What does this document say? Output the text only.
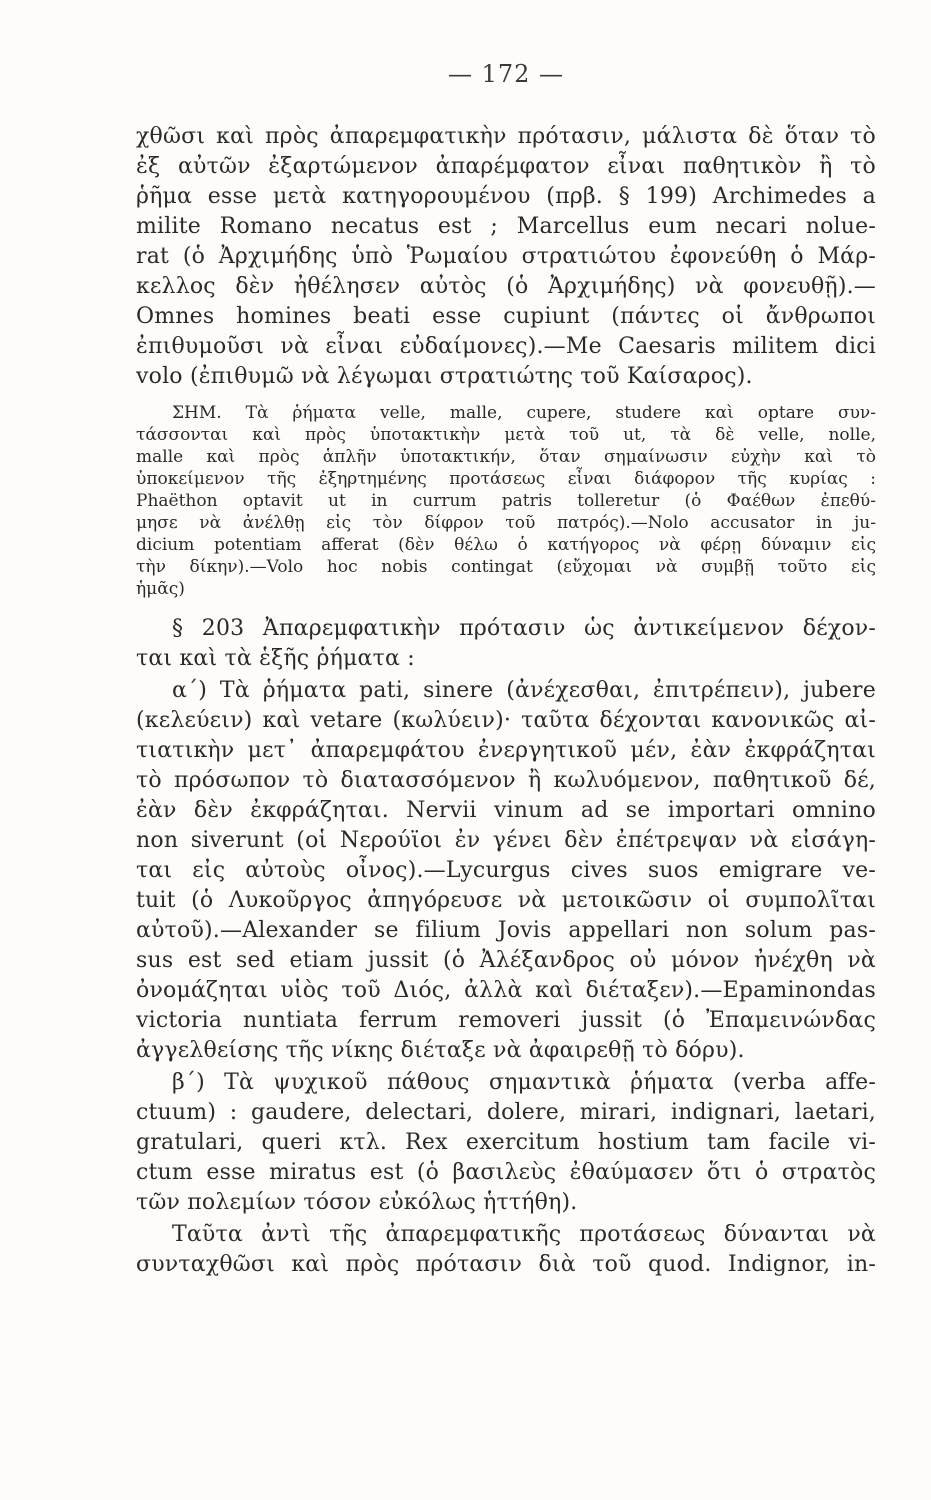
— 172 —

χθῶσι καὶ πρὸς ἀπαρεμφατικὴν πρότασιν, μάλιστα δὲ ὅταν τὸ

ἐξ αὐτῶν ἐξαρτώμενον ἀπαρέμφατον εἶναι παθητικὸν ἢ τὸ

ῥῆμα esse μετὰ κατηγορουμένου (πρβ. § 199) Archimedes a

milite Romano necatus est ; Marcellus eum necari nolue-

rat (ὁ Ἀρχιμήδης ὑπὸ Ῥωμαίου στρατιώτου ἐφονεύθη ὁ Μάρ-

κελλος δὲν ἠθέλησεν αὐτὸς (ὁ Ἀρχιμήδης) νὰ φονευθῇ).—

Omnes homines beati esse cupiunt (πάντες οἱ ἄνθρωποι

ἐπιθυμοῦσι νὰ εἶναι εὐδαίμονες).—Me Caesaris militem dici

volo (ἐπιθυμῶ νὰ λέγωμαι στρατιώτης τοῦ Καίσαρος).

ΣΗΜ. Τὰ ῥήματα velle, malle, cupere, studere καὶ optare συν-

τάσσονται καὶ πρὸς ὑποτακτικὴν μετὰ τοῦ ut, τὰ δὲ velle, nolle,

malle καὶ πρὸς ἁπλῆν ὑποτακτικήν, ὅταν σημαίνωσιν εὐχὴν καὶ τὸ

ὑποκείμενον τῆς ἐξηρτημένης προτάσεως εἶναι διάφορον τῆς κυρίας :

Phaëthon optavit ut in currum patris tolleretur (ὁ Φαέθων ἐπεθύ-

μησε νὰ ἀνέλθῃ εἰς τὸν δίφρον τοῦ πατρός).—Nolo accusator in ju-

dicium potentiam afferat (δὲν θέλω ὁ κατήγορος νὰ φέρῃ δύναμιν εἰς

τὴν δίκην).—Volo hoc nobis contingat (εὔχομαι νὰ συμβῇ τοῦτο εἰς

ἡμᾶς)

§ 203 Ἀπαρεμφατικὴν πρότασιν ὡς ἀντικείμενον δέχον-

ται καὶ τὰ ἑξῆς ῥήματα :

α΄) Τὰ ῥήματα pati, sinere (ἀνέχεσθαι, ἐπιτρέπειν), jubere

(κελεύειν) καὶ vetare (κωλύειν)· ταῦτα δέχονται κανονικῶς αἰ-

τιατικὴν μετ᾽ ἀπαρεμφάτου ἐνεργητικοῦ μέν, ἐὰν ἐκφράζηται

τὸ πρόσωπον τὸ διατασσόμενον ἢ κωλυόμενον, παθητικοῦ δέ,

ἐὰν δὲν ἐκφράζηται. Nervii vinum ad se importari omnino

non siverunt (οἱ Νερούϊοι ἐν γένει δὲν ἐπέτρεψαν νὰ εἰσάγη-

ται εἰς αὐτοὺς οἶνος).—Lycurgus cives suos emigrare ve-

tuit (ὁ Λυκοῦργος ἀπηγόρευσε νὰ μετοικῶσιν οἱ συμπολῖται

αὐτοῦ).—Alexander se filium Jovis appellari non solum pas-

sus est sed etiam jussit (ὁ Ἀλέξανδρος οὐ μόνον ἠνέχθη νὰ

ὀνομάζηται υἱὸς τοῦ Διός, ἀλλὰ καὶ διέταξεν).—Epaminondas

victoria nuntiata ferrum removeri jussit (ὁ Ἐπαμεινώνδας

ἀγγελθείσης τῆς νίκης διέταξε νὰ ἀφαιρεθῇ τὸ δόρυ).

β΄) Τὰ ψυχικοῦ πάθους σημαντικὰ ῥήματα (verba affe-

ctuum) : gaudere, delectari, dolere, mirari, indignari, laetari,

gratulari, queri κτλ. Rex exercitum hostium tam facile vi-

ctum esse miratus est (ὁ βασιλεὺς ἐθαύμασεν ὅτι ὁ στρατὸς

τῶν πολεμίων τόσον εὐκόλως ἡττήθη).

Ταῦτα ἀντὶ τῆς ἀπαρεμφατικῆς προτάσεως δύνανται νὰ

συνταχθῶσι καὶ πρὸς πρότασιν διὰ τοῦ quod. Indignor, in-
